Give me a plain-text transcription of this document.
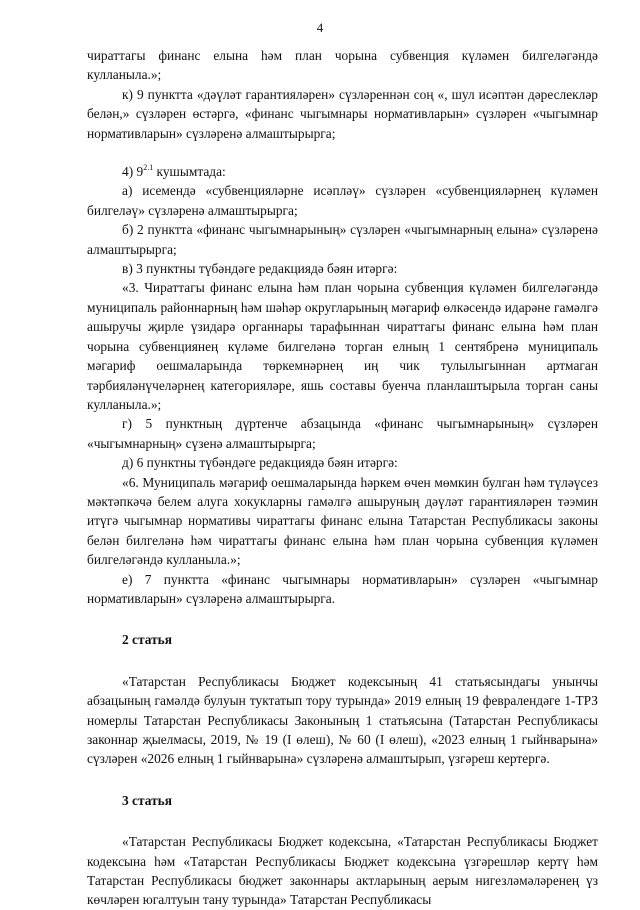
4

чираттагы финанс елына һәм план чорына субвенция күләмен билгеләгәндә кулланыла.»;

к) 9 пунктта «дәүләт гарантияләрен» сүзләреннән соң «, шул исәптән дәреслекләр белән,» сүзләрен өстәргә, «финанс чыгымнары нормативларын» сүзләрен «чыгымнар нормативларын» сүзләренә алмаштырырга;

4) $9^{2.1}$ кушымтада:

а) исемендә «субвенцияләрне исәпләү» сүзләрен «субвенцияләрнең күләмен билгеләү» сүзләренә алмаштырырга;

б) 2 пунктта «финанс чыгымнарының» сүзләрен «чыгымнарның елына» сүзләренә алмаштырырга;

в) 3 пунктны түбәндәге редакциядә бәян итәргә:

«3. Чираттагы финанс елына һәм план чорына субвенция күләмен билгеләгәндә муниципаль районнарның һәм шәһәр округларының мәгариф өлкәсендә идарәне гамәлгә ашыручы җирле үзидарә органнары тарафыннан чираттагы финанс елына һәм план чорына субвенциянең күләме билгеләнә торган елның 1 сентябренә муниципаль мәгариф оешмаларында төркемнәрнең иң чик тулылыгыннан артмаган тәрбияләнүчеләрнең категорияләре, яшь составы буенча планлаштырыла торган саны кулланыла.»;

г) 5 пунктның дүртенче абзацында «финанс чыгымнарының» сүзләрен «чыгымнарның» сүзенә алмаштырырга;

д) 6 пунктны түбәндәге редакциядә бәян итәргә:

«6. Муниципаль мәгариф оешмаларында һәркем өчен мөмкин булган һәм түләүсез мәктәпкәчә белем алуга хокукларны гамәлгә ашыруның дәүләт гарантияләрен тәэмин итүгә чыгымнар нормативы чираттагы финанс елына Татарстан Республикасы законы белән билгеләнә һәм чираттагы финанс елына һәм план чорына субвенция күләмен билгеләгәндә кулланыла.»;

е) 7 пунктта «финанс чыгымнары нормативларын» сүзләрен «чыгымнар нормативларын» сүзләренә алмаштырырга.

2 статья

«Татарстан Республикасы Бюджет кодексының 41 статьясындагы унынчы абзацының гамәлдә булуын туктатып тору турында» 2019 елның 19 февралендәге 1-ТРЗ номерлы Татарстан Республикасы Законының 1 статьясына (Татарстан Республикасы законнар җыелмасы, 2019, № 19 (I өлеш), № 60 (I өлеш), «2023 елның 1 гыйнварына» сүзләрен «2026 елның 1 гыйнварына» сүзләренә алмаштырып, үзгәреш кертергә.

3 статья

«Татарстан Республикасы Бюджет кодексына, «Татарстан Республикасы Бюджет кодексына һәм «Татарстан Республикасы Бюджет кодексына үзгәрешләр кертү һәм Татарстан Республикасы бюджет законнары актларының аерым нигезләмәләренең үз көчләрен югалтуын тану турында» Татарстан Республикасы
